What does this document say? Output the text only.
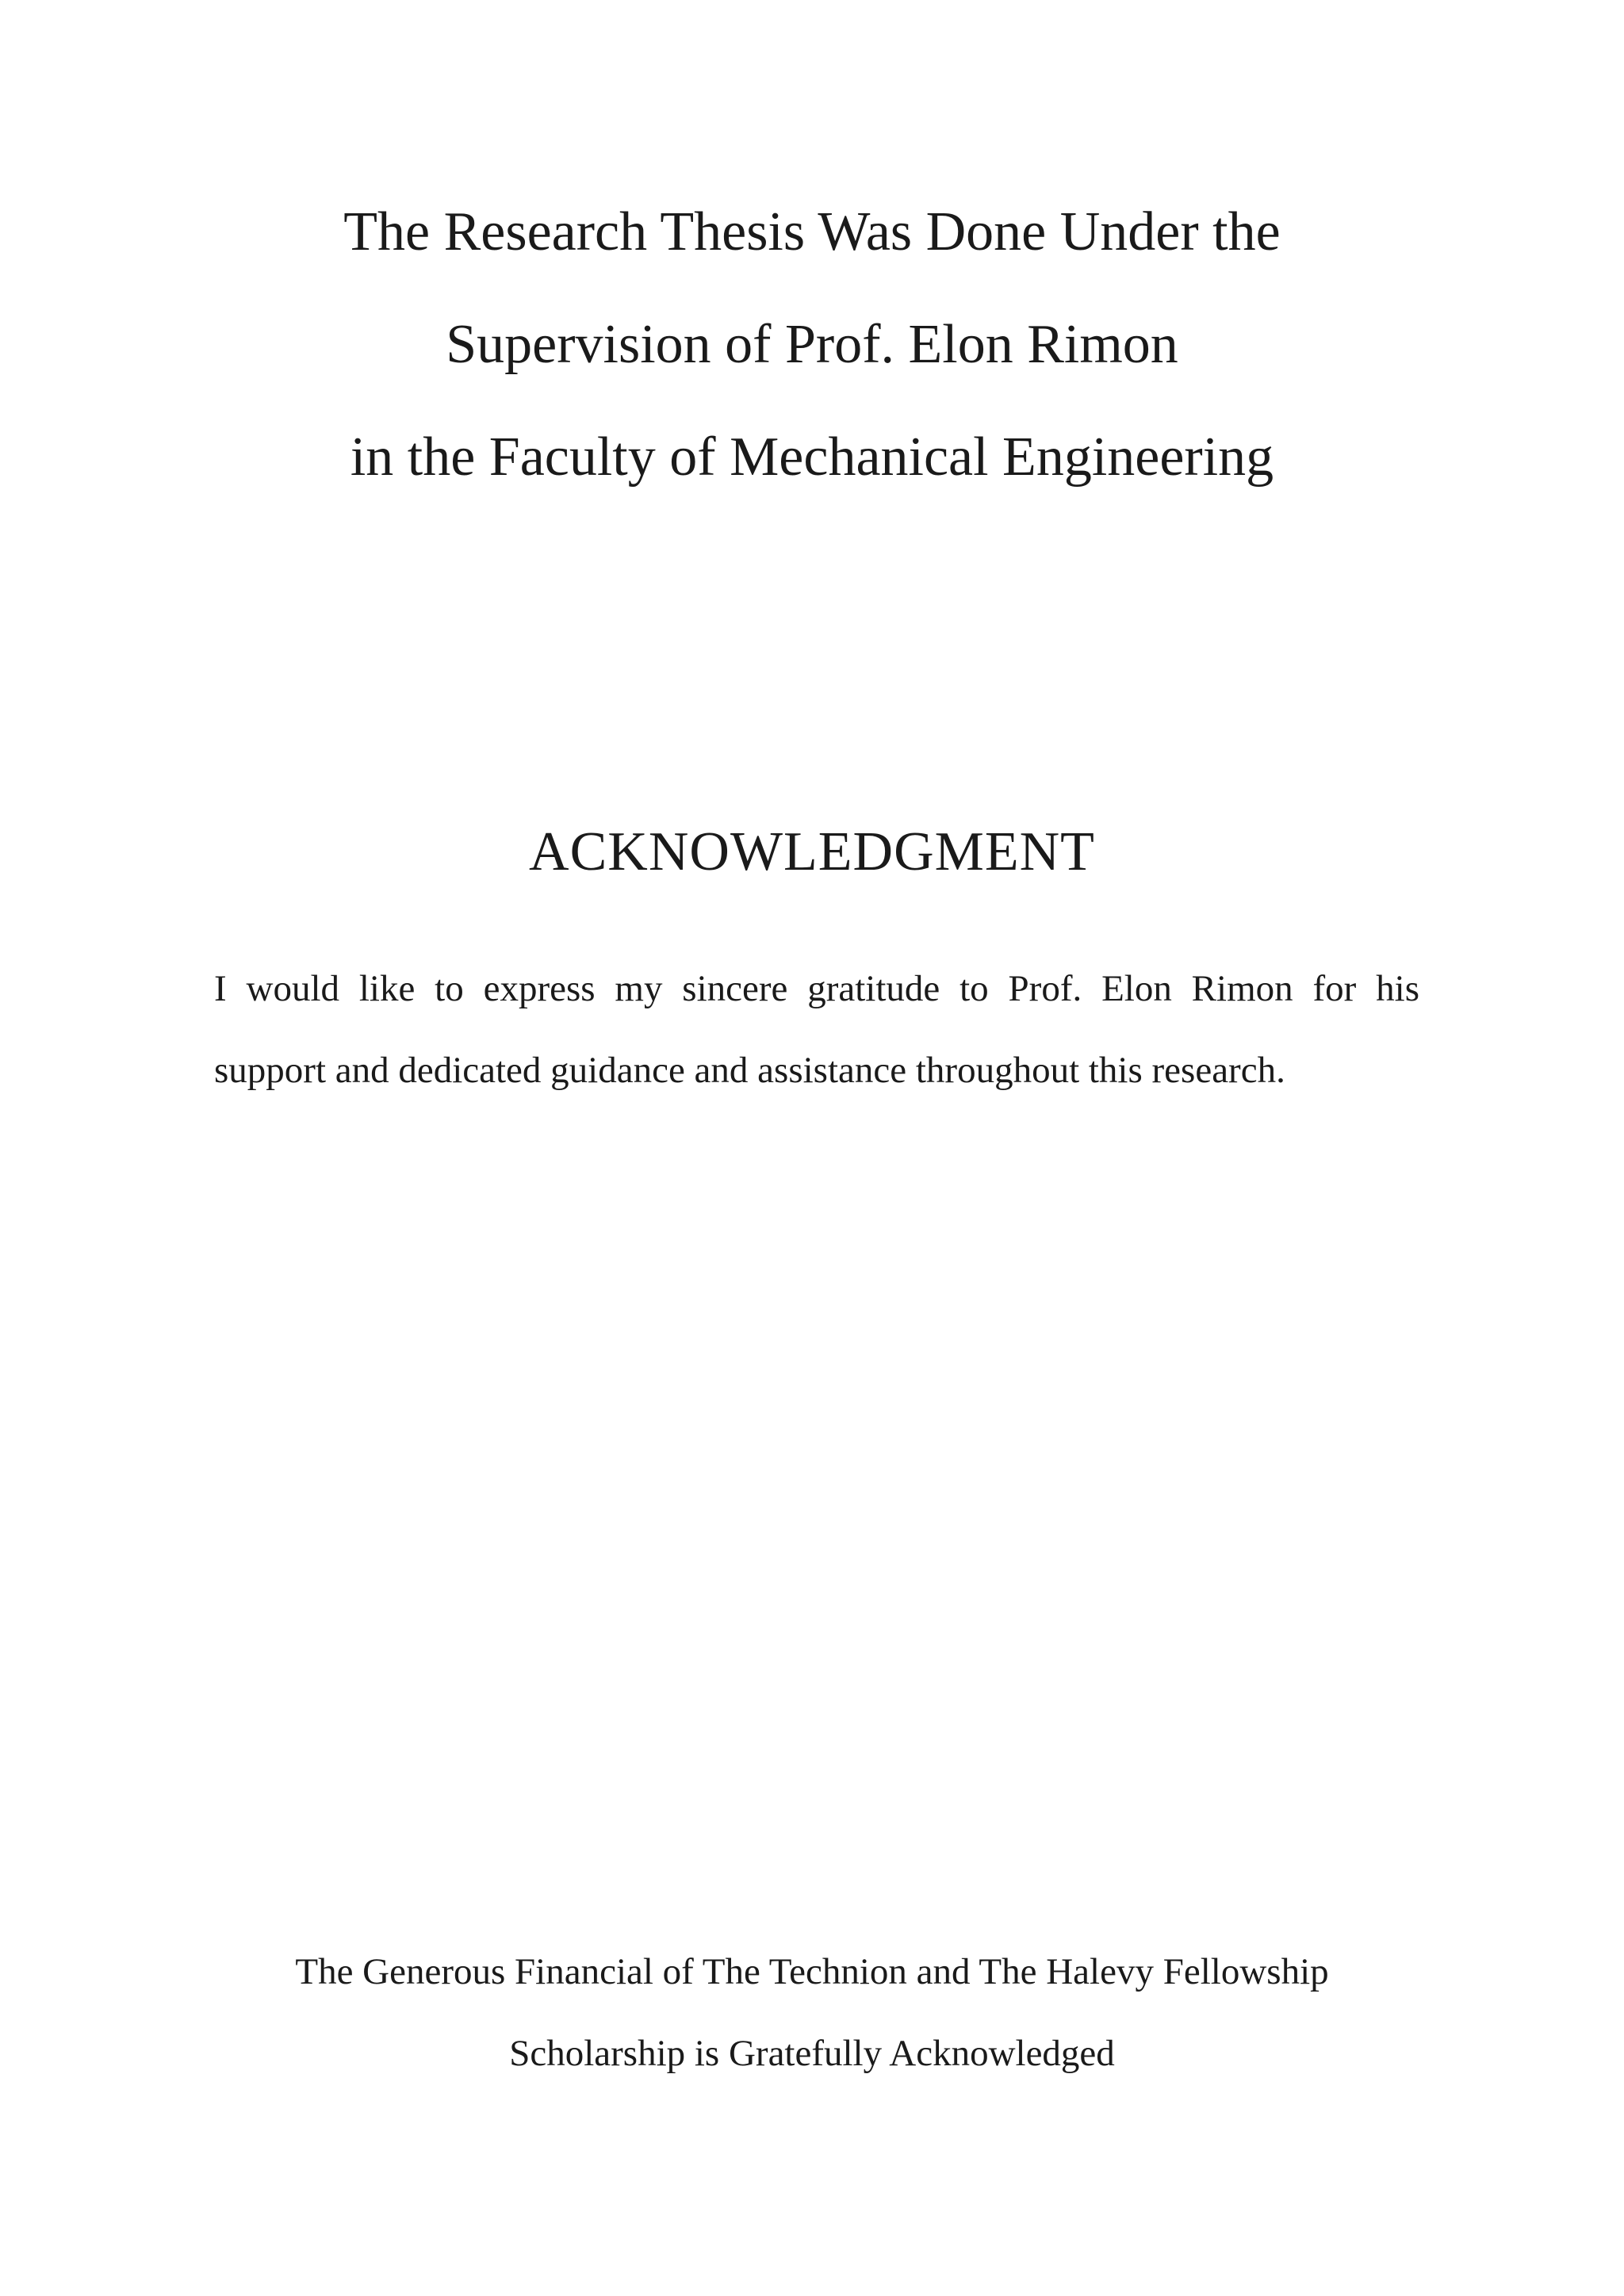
The Research Thesis Was Done Under the
Supervision of Prof. Elon Rimon
in the Faculty of Mechanical Engineering
ACKNOWLEDGMENT

I would like to express my sincere gratitude to Prof. Elon Rimon for his
support and dedicated guidance and assistance throughout this research.

The Generous Financial of The Technion and The Halevy Fellowship
Scholarship is Gratefully Acknowledged
